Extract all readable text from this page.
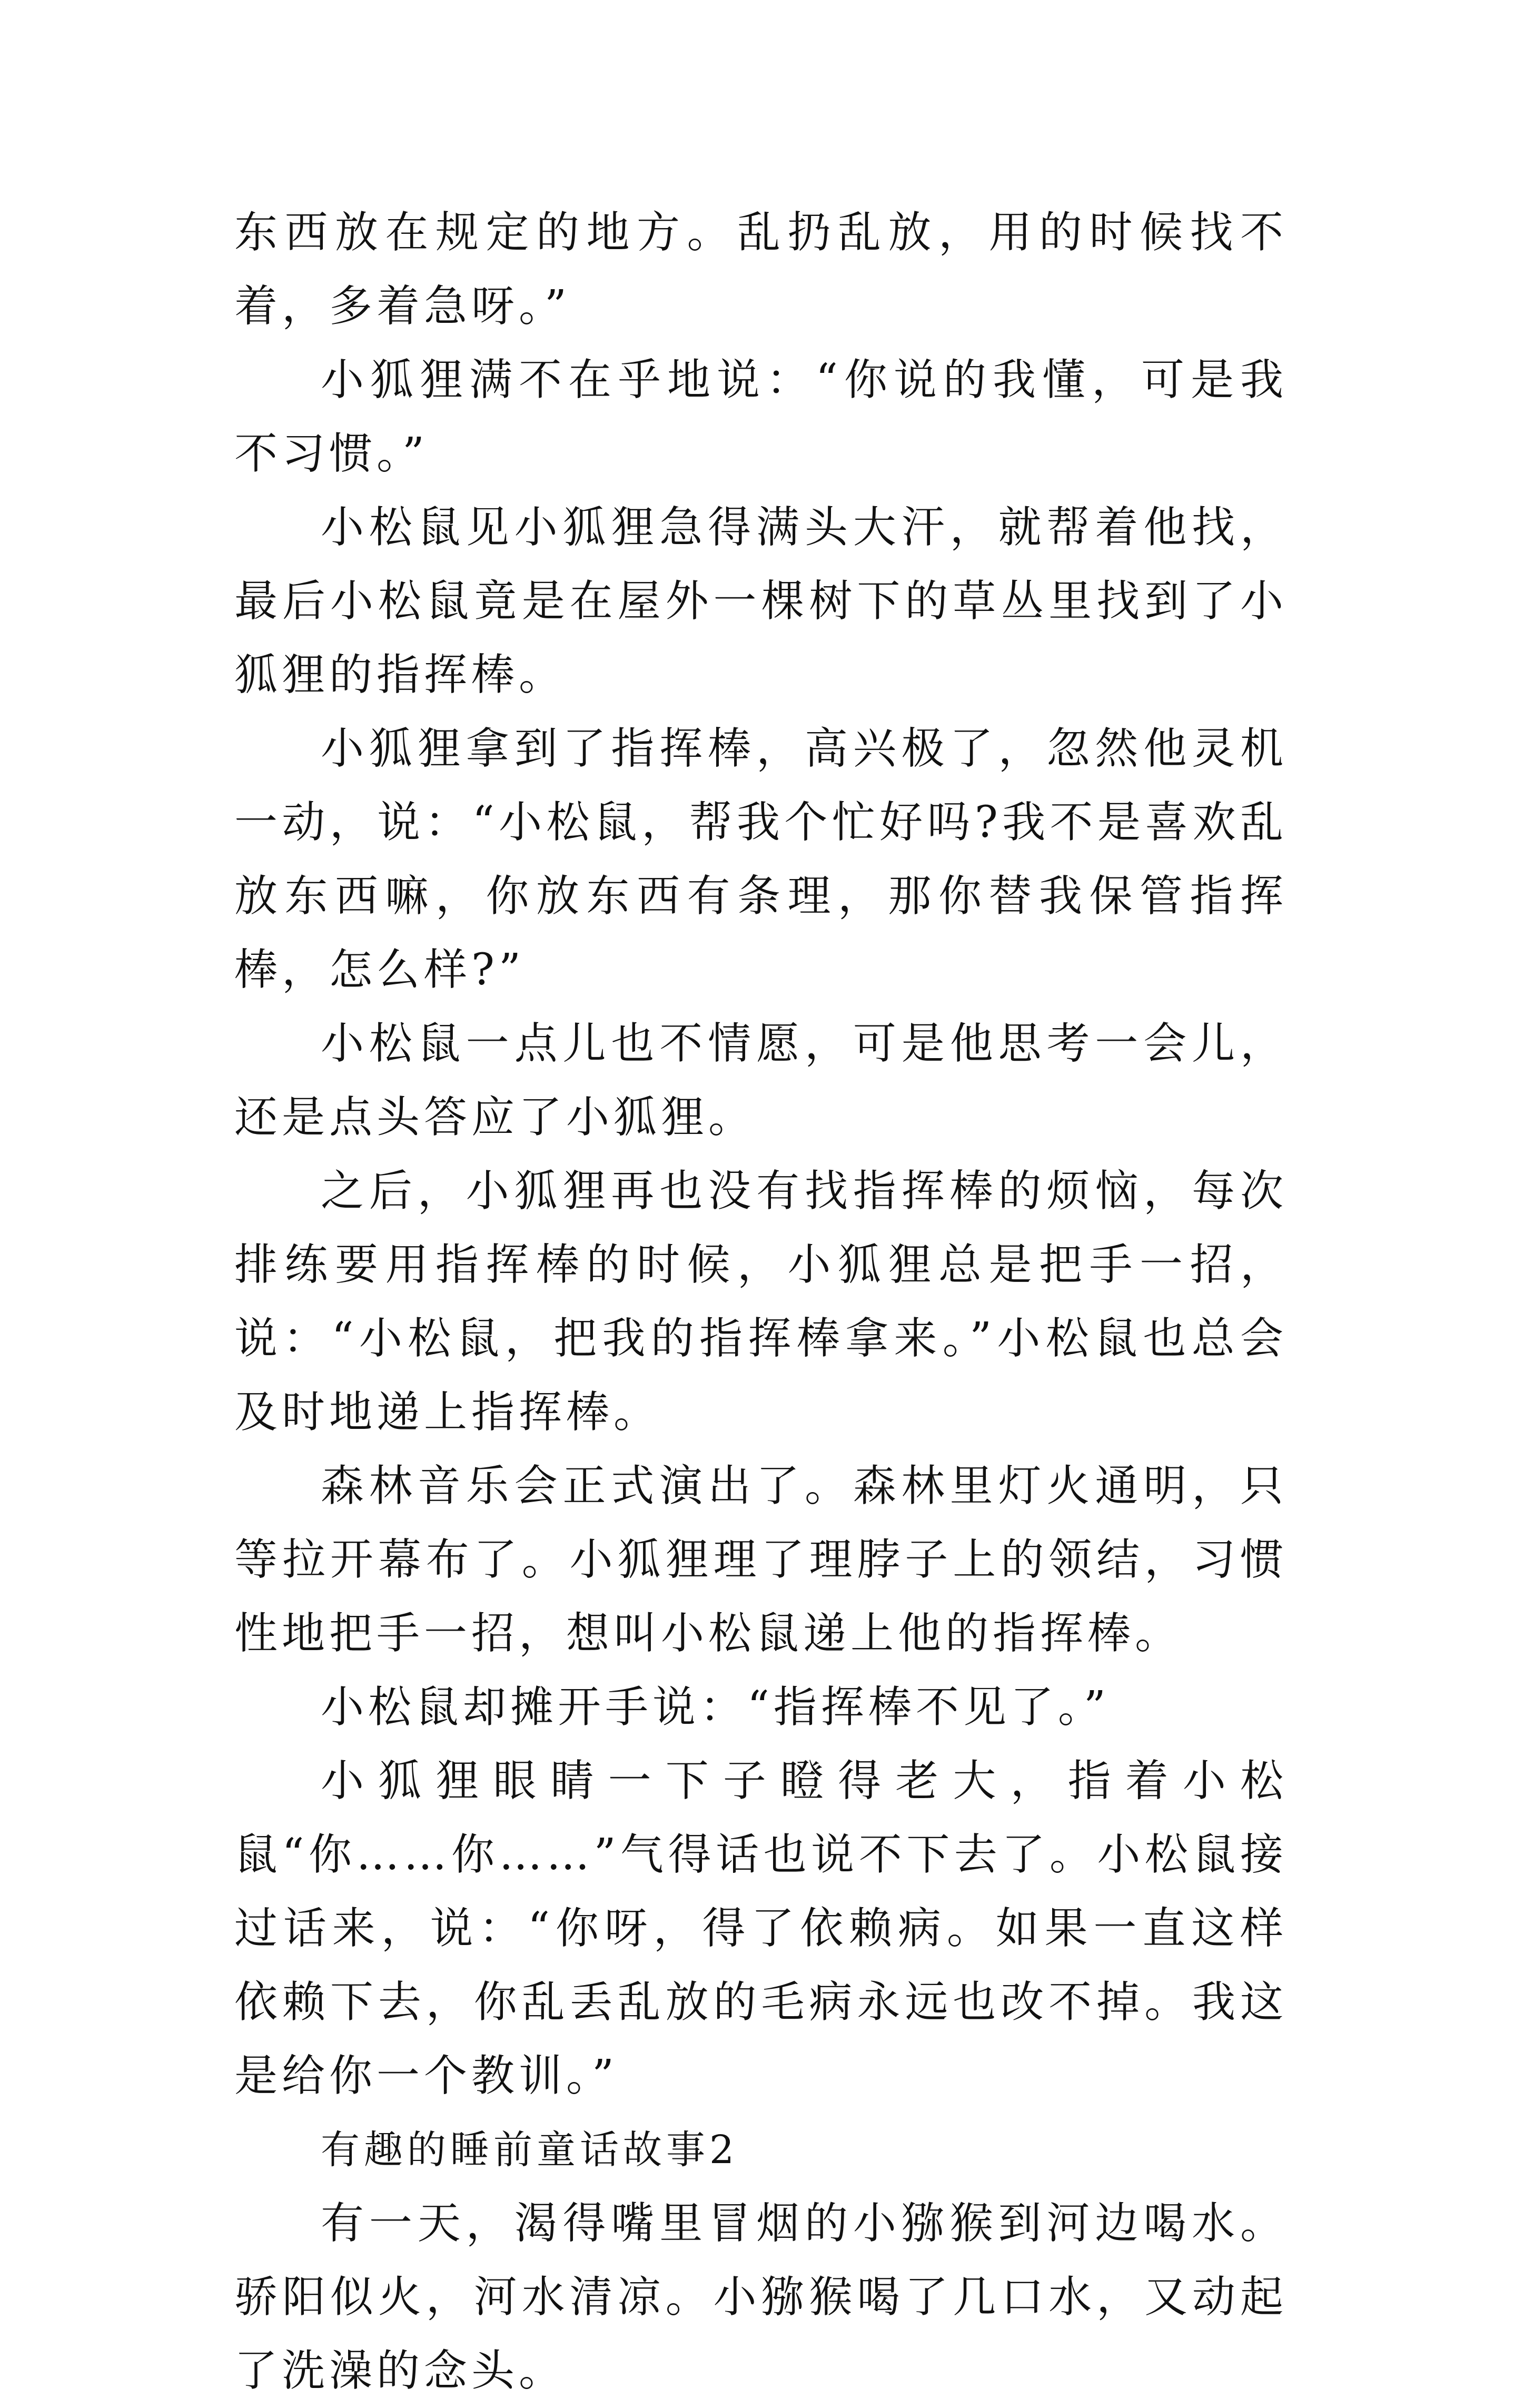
东西放在规定的地方。乱扔乱放，用的时候找不着，多着急呀。”

小狐狸满不在乎地说：“你说的我懂，可是我不习惯。”

小松鼠见小狐狸急得满头大汗，就帮着他找，最后小松鼠竟是在屋外一棵树下的草丛里找到了小狐狸的指挥棒。

小狐狸拿到了指挥棒，高兴极了，忽然他灵机一动，说：“小松鼠，帮我个忙好吗?我不是喜欢乱放东西嘛，你放东西有条理，那你替我保管指挥棒，怎么样?”

小松鼠一点儿也不情愿，可是他思考一会儿，还是点头答应了小狐狸。

之后，小狐狸再也没有找指挥棒的烦恼，每次排练要用指挥棒的时候，小狐狸总是把手一招，说：“小松鼠，把我的指挥棒拿来。”小松鼠也总会及时地递上指挥棒。

森林音乐会正式演出了。森林里灯火通明，只等拉开幕布了。小狐狸理了理脖子上的领结，习惯性地把手一招，想叫小松鼠递上他的指挥棒。

小松鼠却摊开手说：“指挥棒不见了。”

小狐狸眼睛一下子瞪得老大，指着小松鼠“你……你……”气得话也说不下去了。小松鼠接过话来，说：“你呀，得了依赖病。如果一直这样依赖下去，你乱丢乱放的毛病永远也改不掉。我这是给你一个教训。”

有趣的睡前童话故事2

有一天，渴得嘴里冒烟的小猕猴到河边喝水。骄阳似火，河水清凉。小猕猴喝了几口水，又动起了洗澡的念头。
